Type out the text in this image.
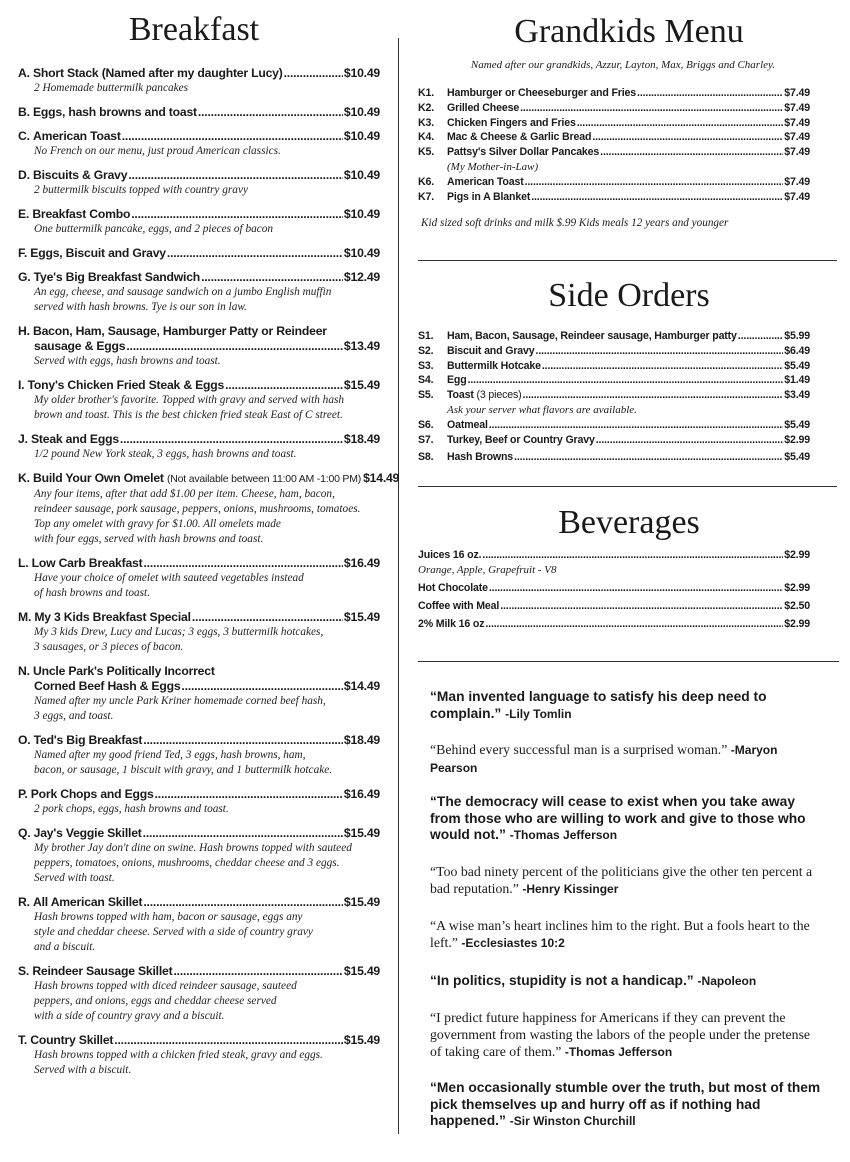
Breakfast
A.
Short Stack (Named after my daughter Lucy) .....	$10.49
2 Homemade buttermilk pancakes
B.
Eggs, hash browns and toast .....	$10.49
C.
American Toast .....	$10.49
No French on our menu, just proud American classics.
D.
Biscuits & Gravy .....	$10.49
2 buttermilk biscuits topped with country gravy
E.
Breakfast Combo .....	$10.49
One buttermilk pancake, eggs, and 2 pieces of bacon
F.
Eggs, Biscuit and Gravy .....	$10.49
G.
Tye's Big Breakfast Sandwich .....	$12.49
An egg, cheese, and sausage sandwich on a jumbo English muffin
served with hash browns. Tye is our son in law.
H.
Bacon, Ham, Sausage, Hamburger Patty or Reindeer
sausage & Eggs .....	$13.49
Served with eggs, hash browns and toast.
I.
Tony's Chicken Fried Steak & Eggs .....	$15.49
My older brother's favorite. Topped with gravy and served with hash
brown and toast. This is the best chicken fried steak East of C street.
J.
Steak and Eggs .....	$18.49
1/2 pound New York steak, 3 eggs, hash browns and toast.
K.
Build Your Own Omelet
(Not available between 11:00 AM -1:00 PM) $14.49
Any four items, after that add $1.00 per item. Cheese, ham, bacon,
reindeer sausage, pork sausage, peppers, onions, mushrooms, tomatoes.
Top any omelet with gravy for $1.00. All omelets made
with four eggs, served with hash browns and toast.
L.
Low Carb Breakfast .....	$16.49
Have your choice of omelet with sauteed vegetables instead
of hash browns and toast.
M.
My 3 Kids Breakfast Special .....	$15.49
My 3 kids Drew, Lucy and Lucas; 3 eggs, 3 buttermilk hotcakes,
3 sausages, or 3 pieces of bacon.
N.
Uncle Park's Politically Incorrect
Corned Beef Hash & Eggs .....	$14.49
Named after my uncle Park Kriner homemade corned beef hash,
3 eggs, and toast.
O.
Ted's Big Breakfast .....	$18.49
Named after my good friend Ted, 3 eggs, hash browns, ham,
bacon, or sausage, 1 biscuit with gravy, and 1 buttermilk hotcake.
P.
Pork Chops and Eggs .....	$16.49
2 pork chops, eggs, hash browns and toast.
Q.
Jay's Veggie Skillet .....	$15.49
My brother Jay don't dine on swine. Hash browns topped with sauteed
peppers, tomatoes, onions, mushrooms, cheddar cheese and 3 eggs.
Served with toast.
R.
All American Skillet .....	$15.49
Hash browns topped with ham, bacon or sausage, eggs any
style and cheddar cheese. Served with a side of country gravy
and a biscuit.
S.
Reindeer Sausage Skillet .....	$15.49
Hash browns topped with diced reindeer sausage, sauteed
peppers, and onions, eggs and cheddar cheese served
with a side of country gravy and a biscuit.
T.
Country Skillet .....	$15.49
Hash browns topped with a chicken fried steak, gravy and eggs.
Served with a biscuit.
Grandkids Menu
Named after our grandkids, Azzur, Layton, Max, Briggs and Charley.
K1.	Hamburger or Cheeseburger and Fries .....	$7.49
K2.	Grilled Cheese .....	$7.49
K3.	Chicken Fingers and Fries .....	$7.49
K4.	Mac & Cheese & Garlic Bread .....	$7.49
K5.	Pattsy's Silver Dollar Pancakes .....	$7.49
(My Mother-in-Law)
K6.	American Toast .....	$7.49
K7.	Pigs in A Blanket .....	$7.49
Kid sized soft drinks and milk $.99 Kids meals 12 years and younger
Side Orders
S1.	Ham, Bacon, Sausage, Reindeer sausage, Hamburger patty .....	$5.99
S2.	Biscuit and Gravy .....	$6.49
S3.	Buttermilk Hotcake .....	$5.49
S4.	Egg .....	$1.49
S5.	Toast
(3 pieces) .....	$3.49
Ask your server what flavors are available.
S6.	Oatmeal .....	$5.49
S7.	Turkey, Beef or Country Gravy .....	$2.99
S8.	Hash Browns .....	$5.49
Beverages
Juices 16 oz. .....	$2.99
Orange, Apple, Grapefruit - V8
Hot Chocolate .....	$2.99
Coffee with Meal .....	$2.50
2% Milk 16 oz .....	$2.99

“Man invented language to satisfy his deep need to complain.” -Lily Tomlin

“Behind every successful man is a surprised woman.” -Maryon Pearson

“The democracy will cease to exist when you take away from those who are willing to work and give to those who would not.” -Thomas Jefferson

“Too bad ninety percent of the politicians give the other ten percent a bad reputation.” -Henry Kissinger

“A wise man’s heart inclines him to the right. But a fools heart to the left.” -Ecclesiastes 10:2

“In politics, stupidity is not a handicap.” -Napoleon

“I predict future happiness for Americans if they can prevent the government from wasting the labors of the people under the pretense of taking care of them.” -Thomas Jefferson

“Men occasionally stumble over the truth, but most of them pick themselves up and hurry off as if nothing had happened.” -Sir Winston Churchill
